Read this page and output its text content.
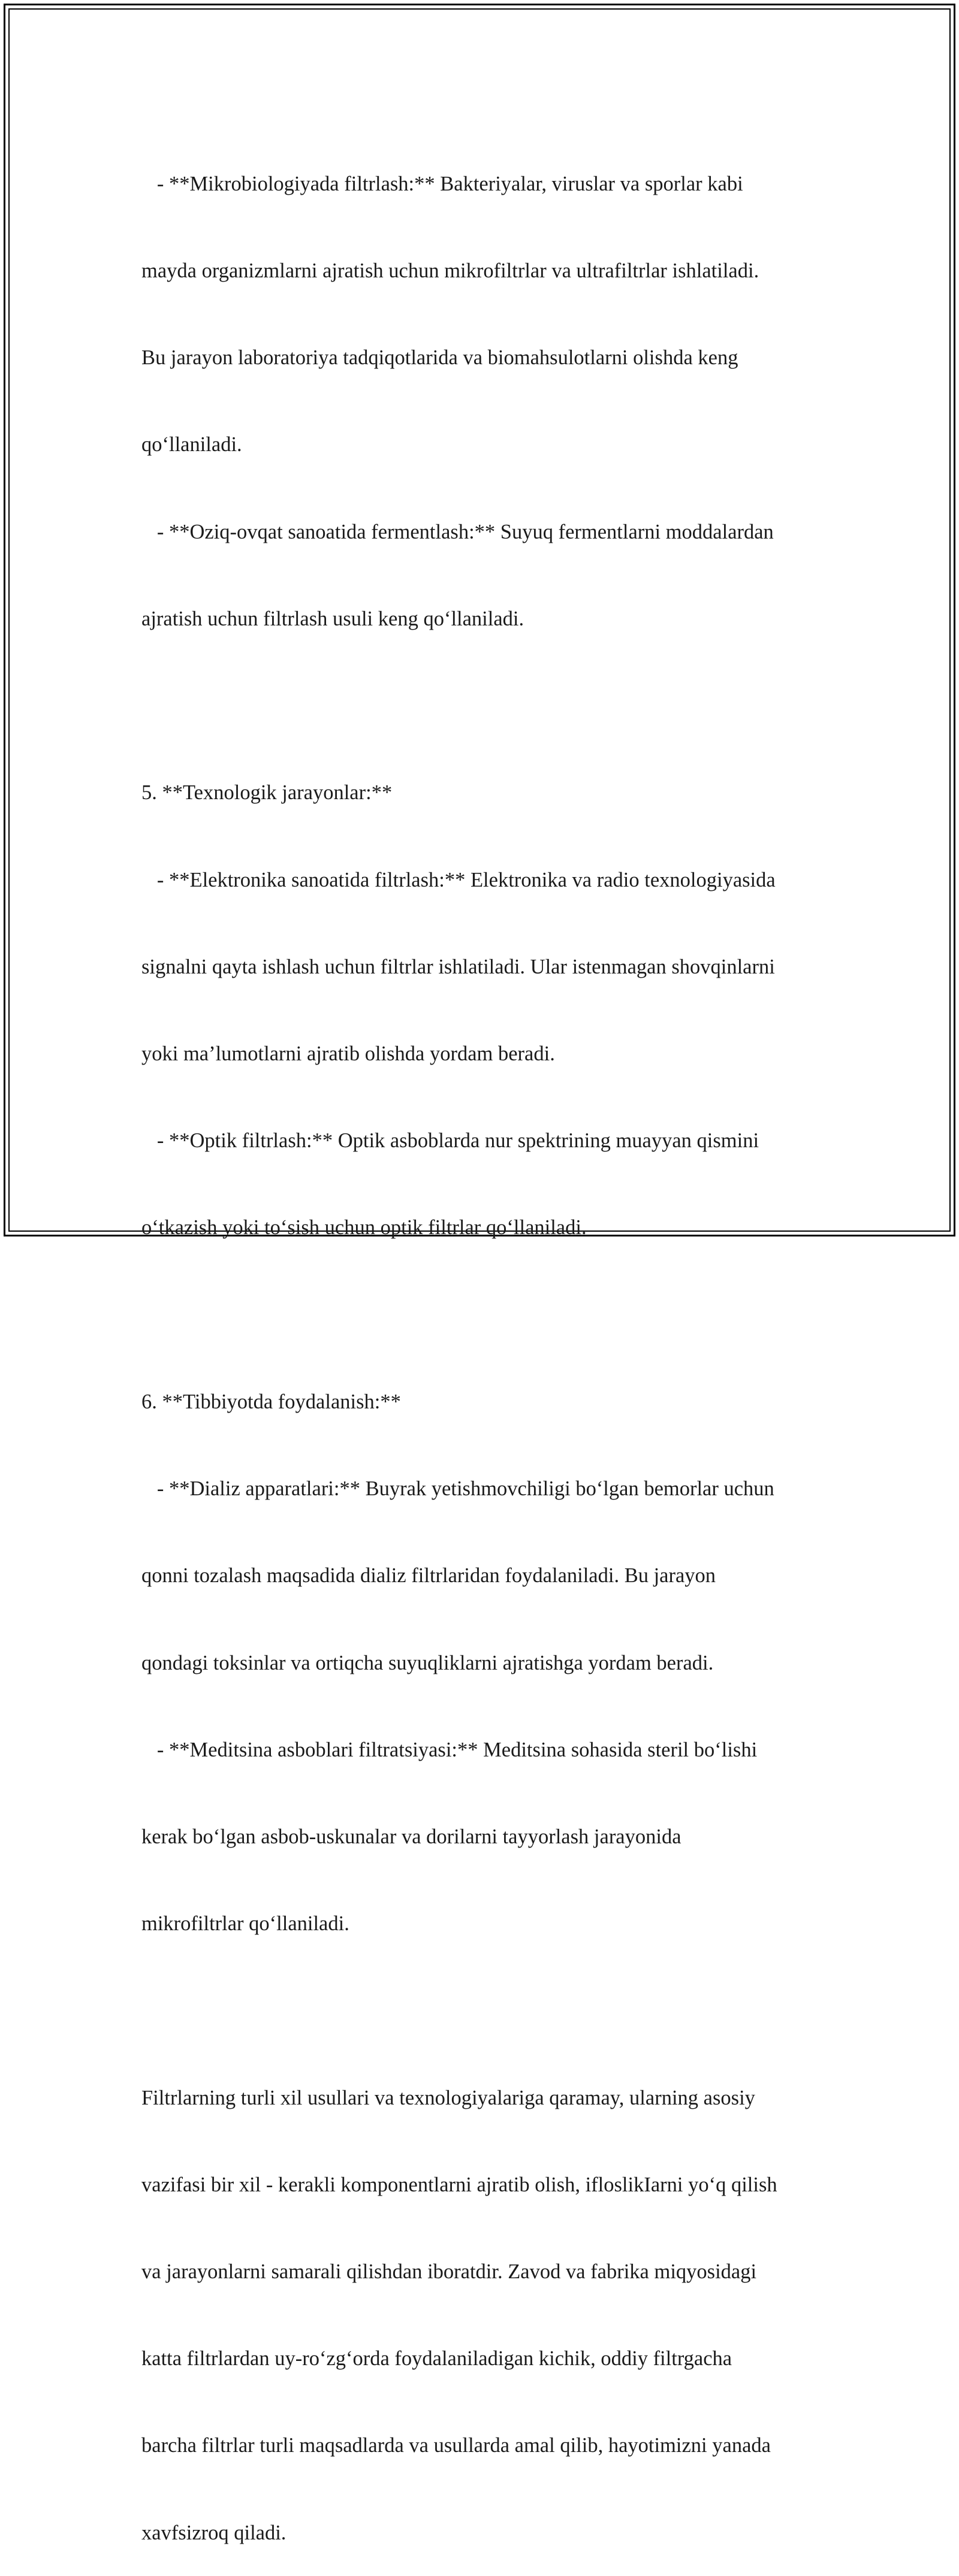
- **Mikrobiologiyada filtrlash:** Bakteriyalar, viruslar va sporlar kabi

mayda organizmlarni ajratish uchun mikrofiltrlar va ultrafiltrlar ishlatiladi.

Bu jarayon laboratoriya tadqiqotlarida va biomahsulotlarni olishda keng

qo‘llaniladi.

- **Oziq-ovqat sanoatida fermentlash:** Suyuq fermentlarni moddalardan

ajratish uchun filtrlash usuli keng qo‘llaniladi.

5. **Texnologik jarayonlar:**

- **Elektronika sanoatida filtrlash:** Elektronika va radio texnologiyasida

signalni qayta ishlash uchun filtrlar ishlatiladi. Ular istenmagan shovqinlarni

yoki ma’lumotlarni ajratib olishda yordam beradi.

- **Optik filtrlash:** Optik asboblarda nur spektrining muayyan qismini

o‘tkazish yoki to‘sish uchun optik filtrlar qo‘llaniladi.

6. **Tibbiyotda foydalanish:**

- **Dializ apparatlari:** Buyrak yetishmovchiligi bo‘lgan bemorlar uchun

qonni tozalash maqsadida dializ filtrlaridan foydalaniladi. Bu jarayon

qondagi toksinlar va ortiqcha suyuqliklarni ajratishga yordam beradi.

- **Meditsina asboblari filtratsiyasi:** Meditsina sohasida steril bo‘lishi

kerak bo‘lgan asbob-uskunalar va dorilarni tayyorlash jarayonida

mikrofiltrlar qo‘llaniladi.

Filtrlarning turli xil usullari va texnologiyalariga qaramay, ularning asosiy

vazifasi bir xil - kerakli komponentlarni ajratib olish, ifloslikIarni yo‘q qilish

va jarayonlarni samarali qilishdan iboratdir. Zavod va fabrika miqyosidagi

katta filtrlardan uy-ro‘zg‘orda foydalaniladigan kichik, oddiy filtrgacha

barcha filtrlar turli maqsadlarda va usullarda amal qilib, hayotimizni yanada

xavfsizroq qiladi.
